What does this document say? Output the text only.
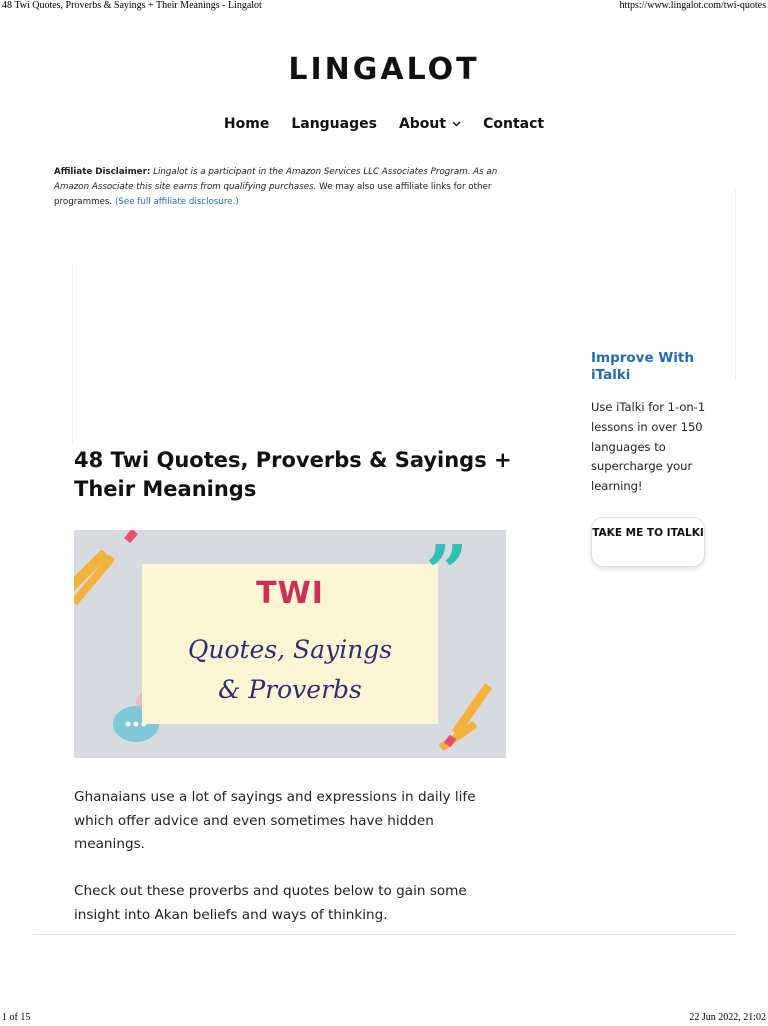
48 Twi Quotes, Proverbs & Sayings + Their Meanings - Lingalot	https://www.lingalot.com/twi-quotes
LINGALOT
Home Languages About	Contact
Affiliate Disclaimer: Lingalot is a participant in the Amazon Services LLC Associates Program. As an Amazon Associate this site earns from qualifying purchases. We may also use affiliate links for other programmes. (See full affiliate disclosure.)
48 Twi Quotes, Proverbs & Sayings + Their Meanings
”
TWI
Quotes, Sayings
& Proverbs

Ghanaians use a lot of sayings and expressions in daily life which offer advice and even sometimes have hidden meanings.

Check out these proverbs and quotes below to gain some insight into Akan beliefs and ways of thinking.

Improve With iTalki
Use iTalki for 1-on-1 lessons in over 150 languages to supercharge your learning!
TAKE ME TO ITALKI
1 of 15	22 Jun 2022, 21:02
